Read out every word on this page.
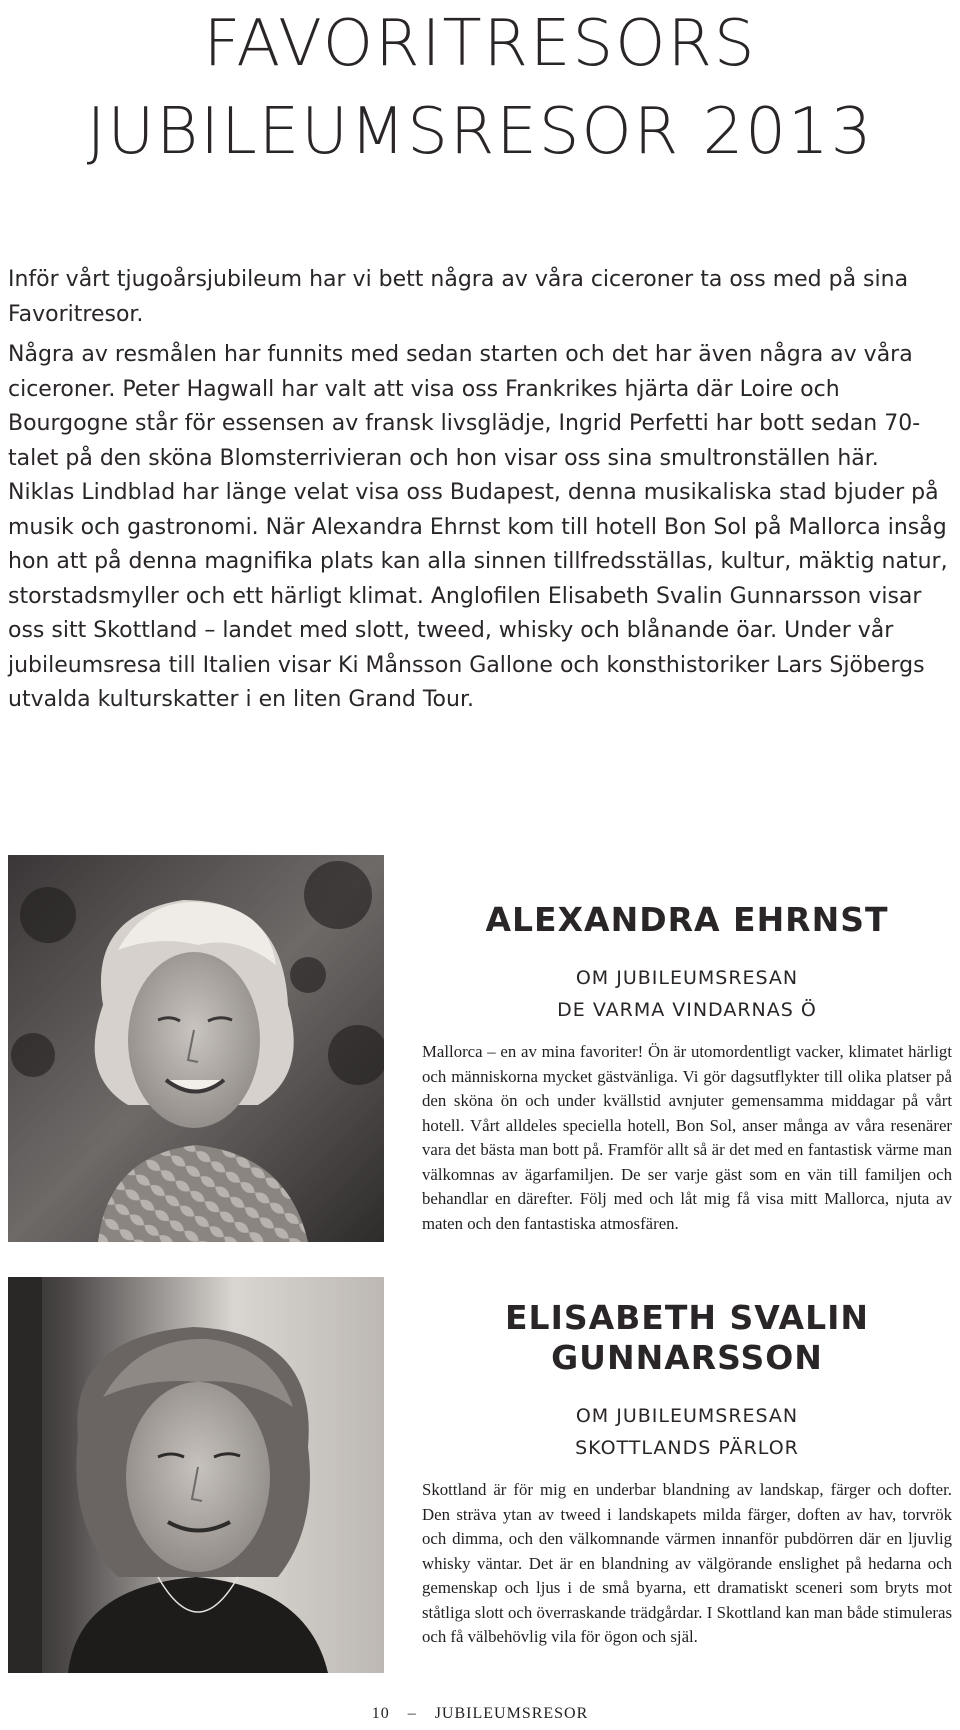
FAVORITRESORS
JUBILEUMSRESOR 2013

Inför vårt tjugoårsjubileum har vi bett några av våra ciceroner ta oss med på sina Favoritresor.

Några av resmålen har funnits med sedan starten och det har även några av våra ciceroner. Peter Hagwall har valt att visa oss Frankrikes hjärta där Loire och Bourgogne står för essensen av fransk livsglädje, Ingrid Perfetti har bott sedan 70-talet på den sköna Blomsterrivieran och hon visar oss sina smultronställen här. Niklas Lindblad har länge velat visa oss Budapest, denna musikaliska stad bjuder på musik och gastronomi. När Alexandra Ehrnst kom till hotell Bon Sol på Mallorca insåg hon att på denna magnifika plats kan alla sinnen tillfredsställas, kultur, mäktig natur, storstadsmyller och ett härligt klimat. Anglofilen Elisabeth Svalin Gunnarsson visar oss sitt Skottland – landet med slott, tweed, whisky och blånande öar. Under vår jubileumsresa till Italien visar Ki Månsson Gallone och konsthistoriker Lars Sjöbergs utvalda kulturskatter i en liten Grand Tour.

ALEXANDRA EHRNST
OM JUBILEUMSRESAN
DE VARMA VINDARNAS Ö
Mallorca – en av mina favoriter! Ön är utomordentligt vacker, klimatet härligt och människorna mycket gästvänliga. Vi gör dagsutflykter till olika platser på den sköna ön och under kvällstid avnjuter gemensamma middagar på vårt hotell. Vårt alldeles speciella hotell, Bon Sol, anser många av våra resenärer vara det bästa man bott på. Framför allt så är det med en fantastisk värme man välkomnas av ägarfamiljen. De ser varje gäst som en vän till familjen och behandlar en därefter. Följ med och låt mig få visa mitt Mallorca, njuta av maten och den fantastiska atmosfären.
ELISABETH SVALIN
GUNNARSSON
OM JUBILEUMSRESAN
SKOTTLANDS PÄRLOR
Skottland är för mig en underbar blandning av landskap, färger och dofter. Den sträva ytan av tweed i landskapets milda färger, doften av hav, torvrök och dimma, och den välkomnande värmen innanför pubdörren där en ljuvlig whisky väntar. Det är en blandning av välgörande enslighet på hedarna och gemenskap och ljus i de små byarna, ett dramatiskt sceneri som bryts mot ståtliga slott och överraskande trädgårdar. I Skottland kan man både stimuleras och få välbehövlig vila för ögon och själ.
10 – JUBILEUMSRESOR
